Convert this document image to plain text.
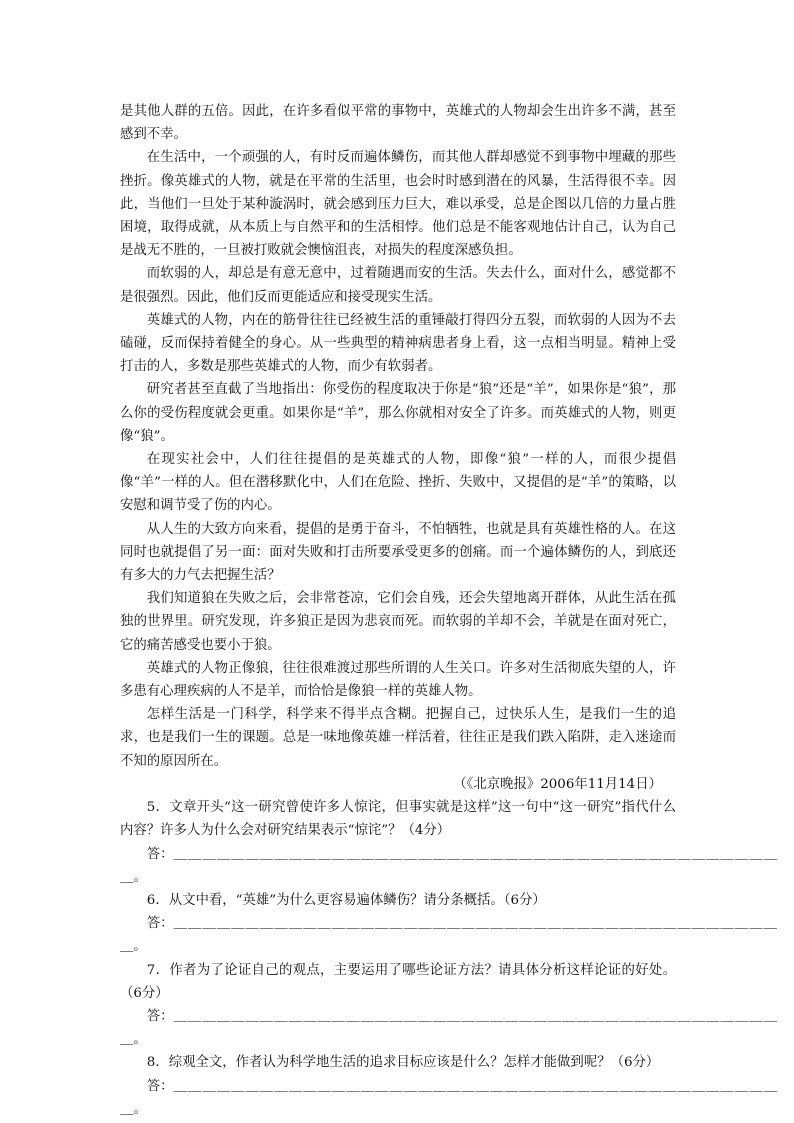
是其他人群的五倍。因此，在许多看似平常的事物中，英雄式的人物却会生出许多不满，甚至感到不幸。

在生活中，一个顽强的人，有时反而遍体鳞伤，而其他人群却感觉不到事物中埋藏的那些挫折。像英雄式的人物，就是在平常的生活里，也会时时感到潜在的风暴，生活得很不幸。因此，当他们一旦处于某种漩涡时，就会感到压力巨大，难以承受，总是企图以几倍的力量占胜困境，取得成就，从本质上与自然平和的生活相悖。他们总是不能客观地估计自己，认为自己是战无不胜的，一旦被打败就会懊恼沮丧，对损失的程度深感负担。

而软弱的人，却总是有意无意中，过着随遇而安的生活。失去什么，面对什么，感觉都不是很强烈。因此，他们反而更能适应和接受现实生活。

英雄式的人物，内在的筋骨往往已经被生活的重锤敲打得四分五裂，而软弱的人因为不去磕碰，反而保持着健全的身心。从一些典型的精神病患者身上看，这一点相当明显。精神上受打击的人，多数是那些英雄式的人物，而少有软弱者。

研究者甚至直截了当地指出：你受伤的程度取决于你是“狼”还是“羊”，如果你是“狼”，那么你的受伤程度就会更重。如果你是“羊”，那么你就相对安全了许多。而英雄式的人物，则更像“狼”。

在现实社会中，人们往往提倡的是英雄式的人物，即像“狼”一样的人，而很少提倡像“羊”一样的人。但在潜移默化中，人们在危险、挫折、失败中，又提倡的是“羊”的策略，以安慰和调节受了伤的内心。

从人生的大致方向来看，提倡的是勇于奋斗，不怕牺牲，也就是具有英雄性格的人。在这同时也就提倡了另一面：面对失败和打击所要承受更多的创痛。而一个遍体鳞伤的人，到底还有多大的力气去把握生活？

我们知道狼在失败之后，会非常苍凉，它们会自残，还会失望地离开群体，从此生活在孤独的世界里。研究发现，许多狼正是因为悲哀而死。而软弱的羊却不会，羊就是在面对死亡，它的痛苦感受也要小于狼。

英雄式的人物正像狼，往往很难渡过那些所谓的人生关口。许多对生活彻底失望的人，许多患有心理疾病的人不是羊，而恰恰是像狼一样的英雄人物。

怎样生活是一门科学，科学来不得半点含糊。把握自己，过快乐人生，是我们一生的追求，也是我们一生的课题。总是一味地像英雄一样活着，往往正是我们跌入陷阱，走入迷途而不知的原因所在。

（《北京晚报》2006年11月14日）

5．文章开头“这一研究曾使许多人惊诧，但事实就是这样”这一句中“这一研究”指代什么内容？许多人为什么会对研究结果表示“惊诧”？（4分）

答：＿＿＿＿＿＿＿＿＿＿＿＿＿＿＿＿＿＿＿＿＿＿＿＿＿＿＿＿＿＿＿＿＿＿＿＿＿＿＿＿＿＿

＿。

6．从文中看，“英雄”为什么更容易遍体鳞伤？请分条概括。（6分）

答：＿＿＿＿＿＿＿＿＿＿＿＿＿＿＿＿＿＿＿＿＿＿＿＿＿＿＿＿＿＿＿＿＿＿＿＿＿＿＿＿＿＿

＿。

7．作者为了论证自己的观点，主要运用了哪些论证方法？请具体分析这样论证的好处。（6分）

答：＿＿＿＿＿＿＿＿＿＿＿＿＿＿＿＿＿＿＿＿＿＿＿＿＿＿＿＿＿＿＿＿＿＿＿＿＿＿＿＿＿＿

＿。

8．综观全文，作者认为科学地生活的追求目标应该是什么？怎样才能做到呢？（6分）

答：＿＿＿＿＿＿＿＿＿＿＿＿＿＿＿＿＿＿＿＿＿＿＿＿＿＿＿＿＿＿＿＿＿＿＿＿＿＿＿＿＿＿

＿。
